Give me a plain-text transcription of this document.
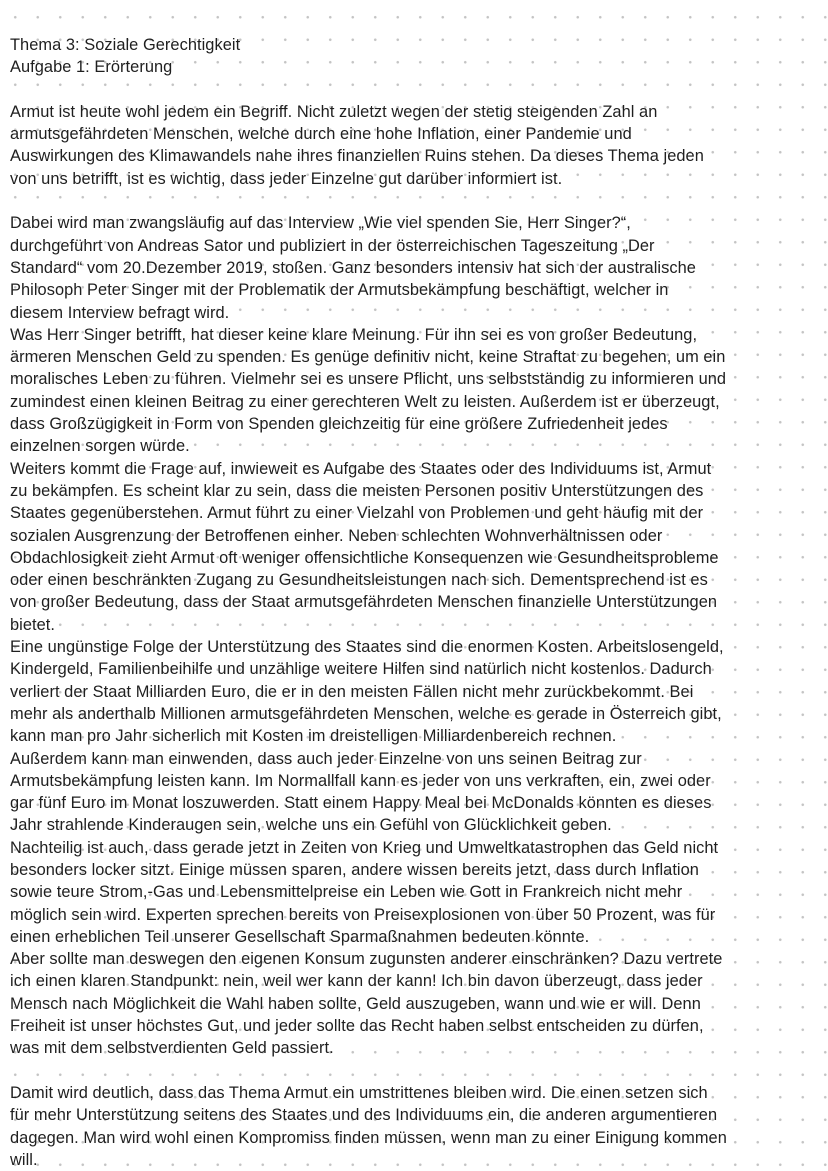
Thema 3: Soziale Gerechtigkeit

Aufgabe 1: Erörterung

Armut ist heute wohl jedem ein Begriff. Nicht zuletzt wegen der stetig steigenden Zahl an
armutsgefährdeten Menschen, welche durch eine hohe Inflation, einer Pandemie und
Auswirkungen des Klimawandels nahe ihres finanziellen Ruins stehen. Da dieses Thema jeden
von uns betrifft, ist es wichtig, dass jeder Einzelne gut darüber informiert ist.

Dabei wird man zwangsläufig auf das Interview „Wie viel spenden Sie, Herr Singer?“,
durchgeführt von Andreas Sator und publiziert in der österreichischen Tageszeitung „Der
Standard“ vom 20.Dezember 2019, stoßen. Ganz besonders intensiv hat sich der australische
Philosoph Peter Singer mit der Problematik der Armutsbekämpfung beschäftigt, welcher in
diesem Interview befragt wird.

Was Herr Singer betrifft, hat dieser keine klare Meinung. Für ihn sei es von großer Bedeutung,
ärmeren Menschen Geld zu spenden. Es genüge definitiv nicht, keine Straftat zu begehen, um ein
moralisches Leben zu führen. Vielmehr sei es unsere Pflicht, uns selbstständig zu informieren und
zumindest einen kleinen Beitrag zu einer gerechteren Welt zu leisten. Außerdem ist er überzeugt,
dass Großzügigkeit in Form von Spenden gleichzeitig für eine größere Zufriedenheit jedes
einzelnen sorgen würde.

Weiters kommt die Frage auf, inwieweit es Aufgabe des Staates oder des Individuums ist, Armut
zu bekämpfen. Es scheint klar zu sein, dass die meisten Personen positiv Unterstützungen des
Staates gegenüberstehen. Armut führt zu einer Vielzahl von Problemen und geht häufig mit der
sozialen Ausgrenzung der Betroffenen einher. Neben schlechten Wohnverhältnissen oder
Obdachlosigkeit zieht Armut oft weniger offensichtliche Konsequenzen wie Gesundheitsprobleme
oder einen beschränkten Zugang zu Gesundheitsleistungen nach sich. Dementsprechend ist es
von großer Bedeutung, dass der Staat armutsgefährdeten Menschen finanzielle Unterstützungen
bietet.

Eine ungünstige Folge der Unterstützung des Staates sind die enormen Kosten. Arbeitslosengeld,
Kindergeld, Familienbeihilfe und unzählige weitere Hilfen sind natürlich nicht kostenlos. Dadurch
verliert der Staat Milliarden Euro, die er in den meisten Fällen nicht mehr zurückbekommt. Bei
mehr als anderthalb Millionen armutsgefährdeten Menschen, welche es gerade in Österreich gibt,
kann man pro Jahr sicherlich mit Kosten im dreistelligen Milliardenbereich rechnen.

Außerdem kann man einwenden, dass auch jeder Einzelne von uns seinen Beitrag zur
Armutsbekämpfung leisten kann. Im Normallfall kann es jeder von uns verkraften, ein, zwei oder
gar fünf Euro im Monat loszuwerden. Statt einem Happy Meal bei McDonalds könnten es dieses
Jahr strahlende Kinderaugen sein, welche uns ein Gefühl von Glücklichkeit geben.

Nachteilig ist auch, dass gerade jetzt in Zeiten von Krieg und Umweltkatastrophen das Geld nicht
besonders locker sitzt. Einige müssen sparen, andere wissen bereits jetzt, dass durch Inflation
sowie teure Strom,-Gas und Lebensmittelpreise ein Leben wie Gott in Frankreich nicht mehr
möglich sein wird. Experten sprechen bereits von Preisexplosionen von über 50 Prozent, was für
einen erheblichen Teil unserer Gesellschaft Sparmaßnahmen bedeuten könnte.

Aber sollte man deswegen den eigenen Konsum zugunsten anderer einschränken? Dazu vertrete
ich einen klaren Standpunkt: nein, weil wer kann der kann! Ich bin davon überzeugt, dass jeder
Mensch nach Möglichkeit die Wahl haben sollte, Geld auszugeben, wann und wie er will. Denn
Freiheit ist unser höchstes Gut, und jeder sollte das Recht haben selbst entscheiden zu dürfen,
was mit dem selbstverdienten Geld passiert.

Damit wird deutlich, dass das Thema Armut ein umstrittenes bleiben wird. Die einen setzen sich
für mehr Unterstützung seitens des Staates und des Individuums ein, die anderen argumentieren
dagegen. Man wird wohl einen Kompromiss finden müssen, wenn man zu einer Einigung kommen
will.
